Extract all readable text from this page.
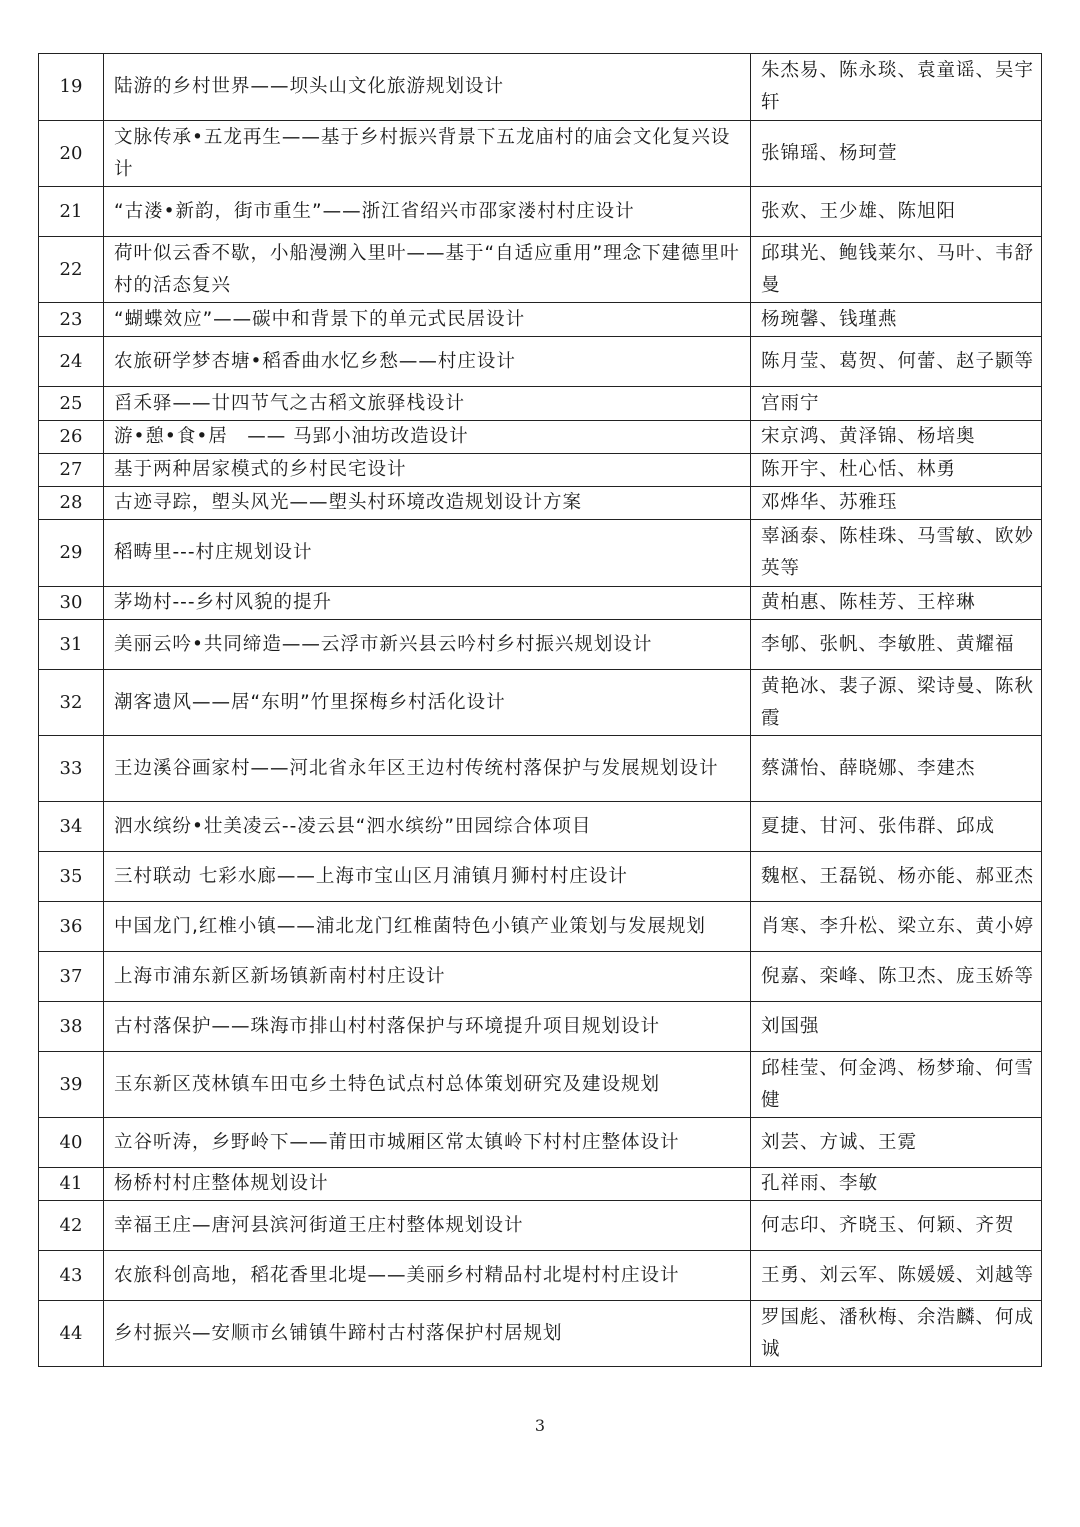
19	陆游的乡村世界——坝头山文化旅游规划设计	朱杰易、陈永琰、袁童谣、吴宇轩
20	文脉传承•五龙再生——基于乡村振兴背景下五龙庙村的庙会文化复兴设计	张锦瑶、杨珂萱
21	“古溇•新韵，街市重生”——浙江省绍兴市邵家溇村村庄设计	张欢、王少雄、陈旭阳
22	荷叶似云香不歇，小船漫溯入里叶——基于“自适应重用”理念下建德里叶村的活态复兴	邱琪光、鲍钱莱尔、马叶、韦舒曼
23	“蝴蝶效应”——碳中和背景下的单元式民居设计	杨琬馨、钱瑾燕
24	农旅研学梦杏塘•稻香曲水忆乡愁——村庄设计	陈月莹、葛贺、何蕾、赵子颢等
25	舀禾驿——廿四节气之古稻文旅驿栈设计	宫雨宁
26	游•憩•食•居　—— 马郢小油坊改造设计	宋京鸿、黄泽锦、杨培奥
27	基于两种居家模式的乡村民宅设计	陈开宇、杜心恬、林勇
28	古迹寻踪，塱头风光——塱头村环境改造规划设计方案	邓烨华、苏雅珏
29	稻畴里---村庄规划设计	辜涵泰、陈桂珠、马雪敏、欧妙英等
30	茅坳村---乡村风貌的提升	黄柏惠、陈桂芳、王梓琳
31	美丽云吟•共同缔造——云浮市新兴县云吟村乡村振兴规划设计	李郇、张帆、李敏胜、黄耀福
32	潮客遗风——居“东明”竹里探梅乡村活化设计	黄艳冰、裴子源、梁诗曼、陈秋霞
33	王边溪谷画家村——河北省永年区王边村传统村落保护与发展规划设计	蔡潇怡、薛晓娜、李建杰
34	泗水缤纷•壮美凌云--凌云县“泗水缤纷”田园综合体项目	夏捷、甘河、张伟群、邱成
35	三村联动 七彩水廊——上海市宝山区月浦镇月狮村村庄设计	魏枢、王磊锐、杨亦能、郝亚杰
36	中国龙门,红椎小镇——浦北龙门红椎菌特色小镇产业策划与发展规划	肖寒、李升松、梁立东、黄小婷
37	上海市浦东新区新场镇新南村村庄设计	倪嘉、栾峰、陈卫杰、庞玉娇等
38	古村落保护——珠海市排山村村落保护与环境提升项目规划设计	刘国强
39	玉东新区茂林镇车田屯乡土特色试点村总体策划研究及建设规划	邱桂莹、何金鸿、杨梦瑜、何雪健
40	立谷听涛，乡野岭下——莆田市城厢区常太镇岭下村村庄整体设计	刘芸、方诚、王霓
41	杨桥村村庄整体规划设计	孔祥雨、李敏
42	幸福王庄—唐河县滨河街道王庄村整体规划设计	何志印、齐晓玉、何颖、齐贺
43	农旅科创高地，稻花香里北堤——美丽乡村精品村北堤村村庄设计	王勇、刘云军、陈媛媛、刘越等
44	乡村振兴—安顺市幺铺镇牛蹄村古村落保护村居规划	罗国彪、潘秋梅、余浩麟、何成诚
3
